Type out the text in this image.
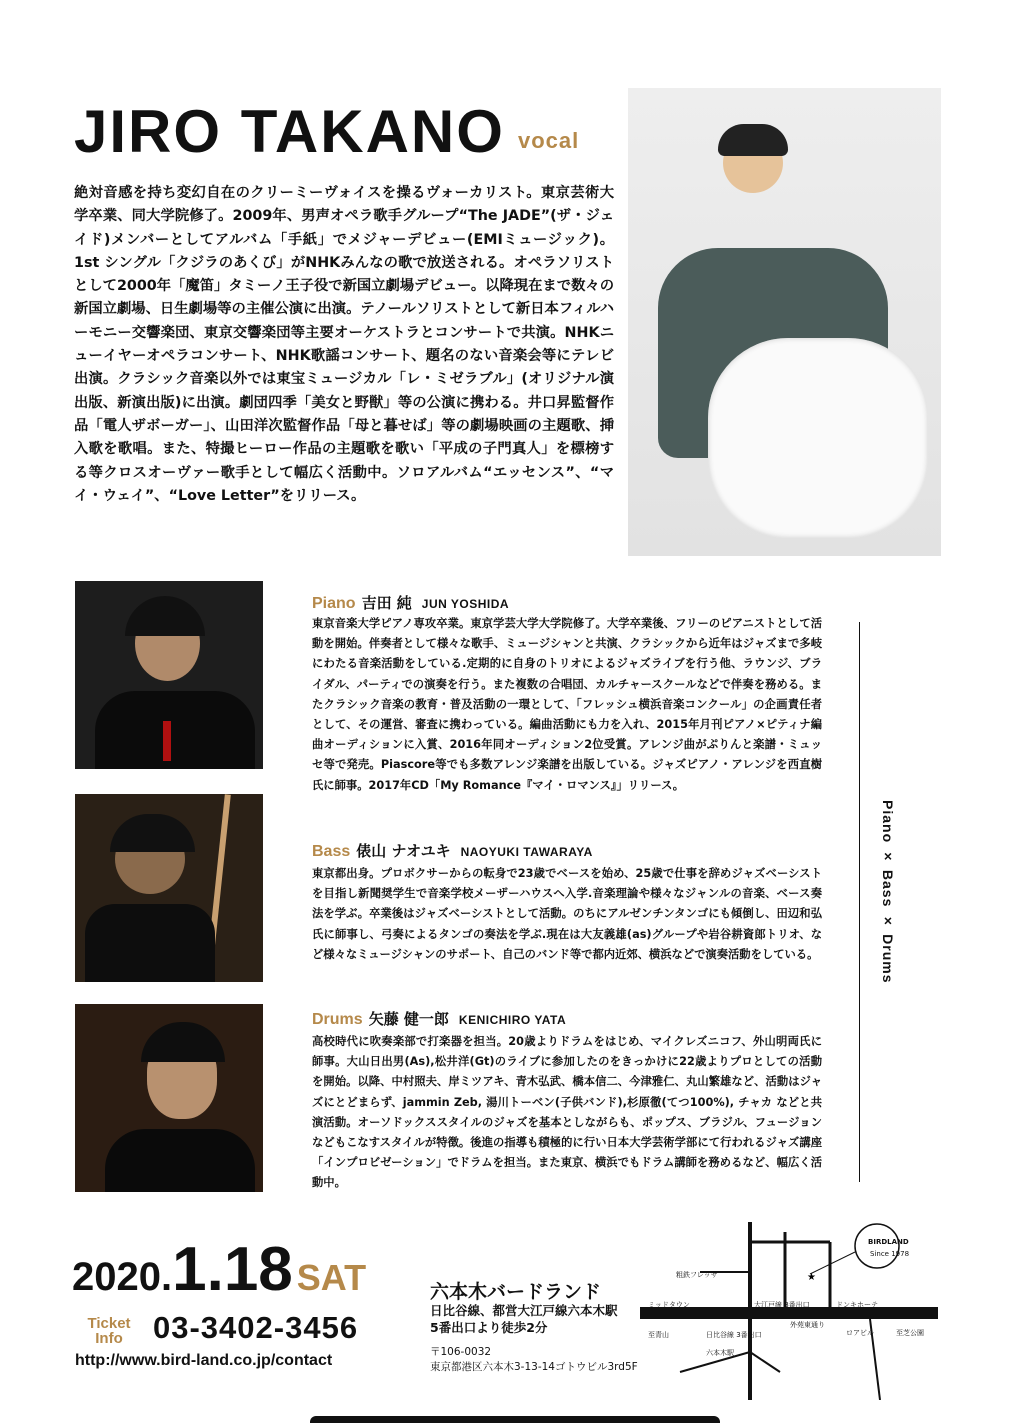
JIRO TAKANO vocal
絶対音感を持ち変幻自在のクリーミーヴォイスを操るヴォーカリスト。東京芸術大学卒業、同大学院修了。2009年、男声オペラ歌手グループ“The JADE”(ザ・ジェイド)メンバーとしてアルバム「手紙」でメジャーデビュー(EMIミュージック)。1st シングル「クジラのあくび」がNHKみんなの歌で放送される。オペラソリストとして2000年「魔笛」タミーノ王子役で新国立劇場デビュー。以降現在まで数々の新国立劇場、日生劇場等の主催公演に出演。テノールソリストとして新日本フィルハーモニー交響楽団、東京交響楽団等主要オーケストラとコンサートで共演。NHKニューイヤーオペラコンサート、NHK歌謡コンサート、題名のない音楽会等にテレビ出演。クラシック音楽以外では東宝ミュージカル「レ・ミゼラブル」(オリジナル演出版、新演出版)に出演。劇団四季「美女と野獣」等の公演に携わる。井口昇監督作品「電人ザボーガー」、山田洋次監督作品「母と暮せば」等の劇場映画の主題歌、挿入歌を歌唱。また、特撮ヒーロー作品の主題歌を歌い「平成の子門真人」を標榜する等クロスオーヴァー歌手として幅広く活動中。ソロアルバム“エッセンス”、“マイ・ウェイ”、“Love Letter”をリリース。
Piano 吉田 純 JUN YOSHIDA
東京音楽大学ピアノ専攻卒業。東京学芸大学大学院修了。大学卒業後、フリーのピアニストとして活動を開始。伴奏者として様々な歌手、ミュージシャンと共演、クラシックから近年はジャズまで多岐にわたる音楽活動をしている.定期的に自身のトリオによるジャズライブを行う他、ラウンジ、ブライダル、パーティでの演奏を行う。また複数の合唱団、カルチャースクールなどで伴奏を務める。またクラシック音楽の教育・普及活動の一環として、「フレッシュ横浜音楽コンクール」の企画責任者として、その運営、審査に携わっている。編曲活動にも力を入れ、2015年月刊ピアノ×ピティナ編曲オーディションに入賞、2016年同オーディション2位受賞。アレンジ曲がぷりんと楽譜・ミュッセ等で発売。Piascore等でも多数アレンジ楽譜を出版している。ジャズピアノ・アレンジを西直樹氏に師事。2017年CD「My Romance『マイ・ロマンス』」リリース。
Bass 俵山 ナオユキ NAOYUKI TAWARAYA
東京都出身。プロボクサーからの転身で23歳でベースを始め、25歳で仕事を辞めジャズベーシストを目指し新聞奨学生で音楽学校メーザーハウスへ入学.音楽理論や様々なジャンルの音楽、ベース奏法を学ぶ。卒業後はジャズベーシストとして活動。のちにアルゼンチンタンゴにも傾倒し、田辺和弘氏に師事し、弓奏によるタンゴの奏法を学ぶ.現在は大友義雄(as)グループや岩谷耕資郎トリオ、など様々なミュージシャンのサポート、自己のバンド等で都内近郊、横浜などで演奏活動をしている。
Drums 矢藤 健一郎 KENICHIRO YATA
高校時代に吹奏楽部で打楽器を担当。20歳よりドラムをはじめ、マイクレズニコフ、外山明両氏に師事。大山日出男(As),松井洋(Gt)のライブに参加したのをきっかけに22歳よりプロとしての活動を開始。以降、中村照夫、岸ミツアキ、青木弘武、橋本信二、今津雅仁、丸山繁雄など、活動はジャズにとどまらず、jammin Zeb, 湯川トーベン(子供バンド),杉原徹(てつ100%), チャカ などと共演活動。オーソドックススタイルのジャズを基本としながらも、ポップス、ブラジル、フュージョンなどもこなすスタイルが特徴。後進の指導も積極的に行い日本大学芸術学部にて行われるジャズ講座「インプロビゼーション」でドラムを担当。また東京、横浜でもドラム講師を務めるなど、幅広く活動中。
Piano × Bass × Drums
2020.1.18 SAT
Ticket
Info 03-3402-3456
http://www.bird-land.co.jp/contact
六本木バードランド
日比谷線、都営大江戸線六本木駅
5番出口より徒歩2分
〒106-0032
東京都港区六本木3-13-14ゴトウビル3rd5F
★
BIRDLAND
Since 1978
粗鉄フレッサ
ミッドタウン	大江戸線 8番出口	ドンキホーテ
外苑東通り
至青山	日比谷線 3番出口
六本木駅
ロアビル	至芝公園
